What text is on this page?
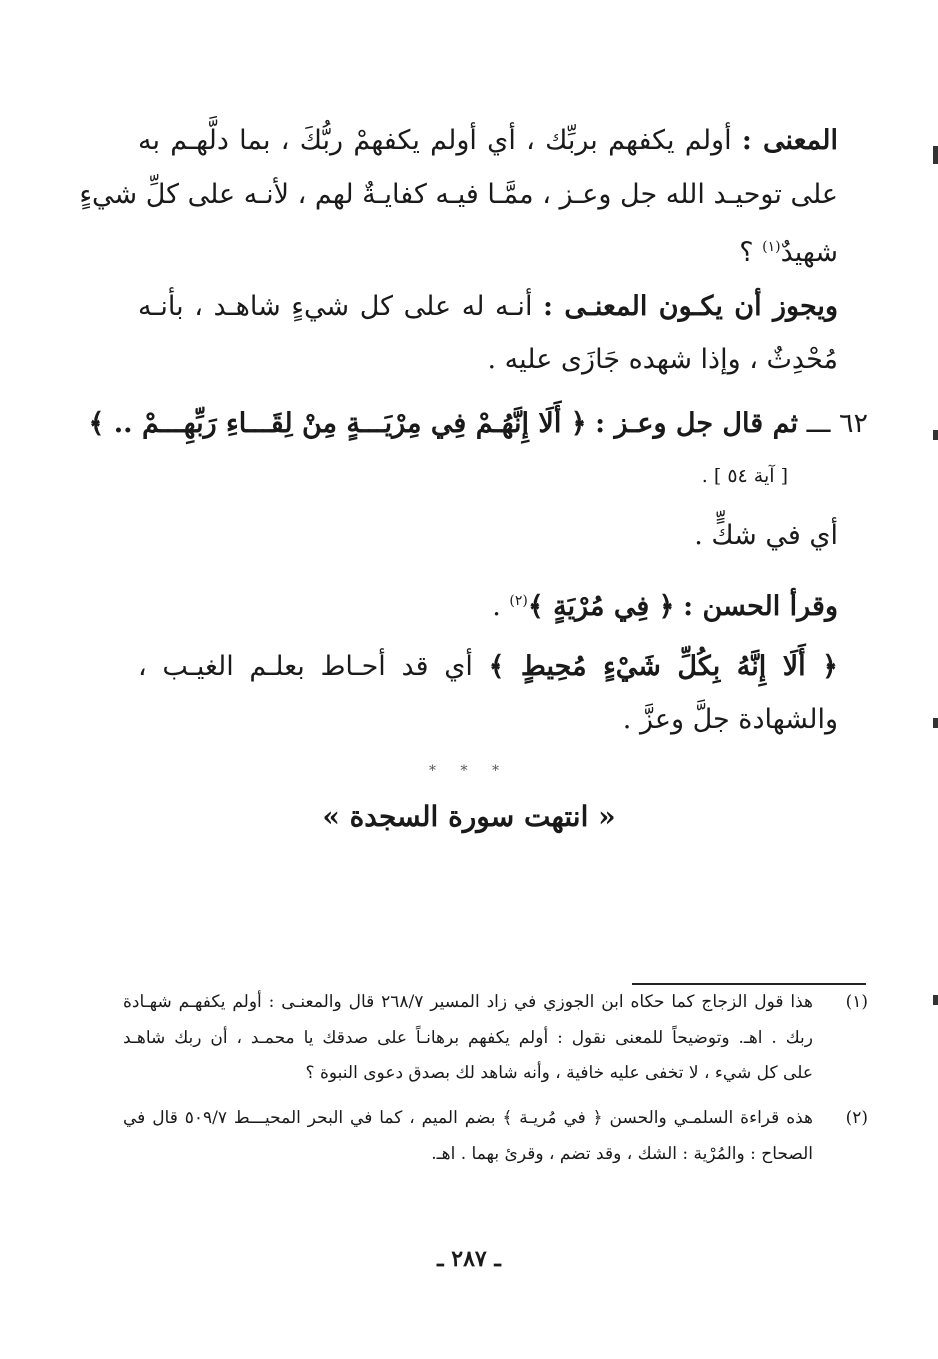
المعنى : أولم يكفهم بربِّك ، أي أولم يكفهمْ ربُّكَ ، بما دلَّهـم به
على توحيـد الله جل وعـز ، ممَّـا فيـه كفايـةٌ لهم ، لأنـه على كلِّ شيءٍ
شهيدٌ$^{(١)}$ ؟
ويجوز أن يكـون المعنـى : أنـه له على كل شيءٍ شاهـد ، بأنـه
مُحْدِثٌ ، وإذا شهده جَازَى عليه .
٦٢ ـــ ثم قال جل وعـز : ﴿ أَلَا إِنَّهُـمْ فِي مِرْيَـــةٍ مِنْ لِقَـــاءِ رَبِّهِـــمْ .. ﴾
[ آية ٥٤ ] .
أي في شكٍّ .
وقرأ الحسن : ﴿ فِي مُرْيَةٍ ﴾$^{(٢)}$ .
﴿ أَلَا إِنَّهُ بِكُلِّ شَيْءٍ مُحِيطٍ ﴾ أي قد أحـاط بعلـم الغيـب ،
والشهادة جلَّ وعزَّ .
* * *
« انتهت سورة السجدة »
(١)
هذا قول الزجاج كما حكاه ابن الجوزي في زاد المسير ٢٦٨/٧ قال والمعنـى : أولم يكفهـم شهـادة
ربك . اهـ. وتوضيحاً للمعنى نقول : أولم يكفهم برهانـاً على صدقك يا محمـد ، أن ربك شاهـد
على كل شيء ، لا تخفى عليه خافية ، وأنه شاهد لك بصدق دعوى النبوة ؟
(٢)
هذه قراءة السلمـي والحسن ﴿ في مُريـة ﴾ بضم الميم ، كما في البحر المحيـــط ٥٠٩/٧ قال في
الصحاح : والمُرْية : الشك ، وقد تضم ، وقرئ بهما . اهـ.
ـ ٢٨٧ ـ
